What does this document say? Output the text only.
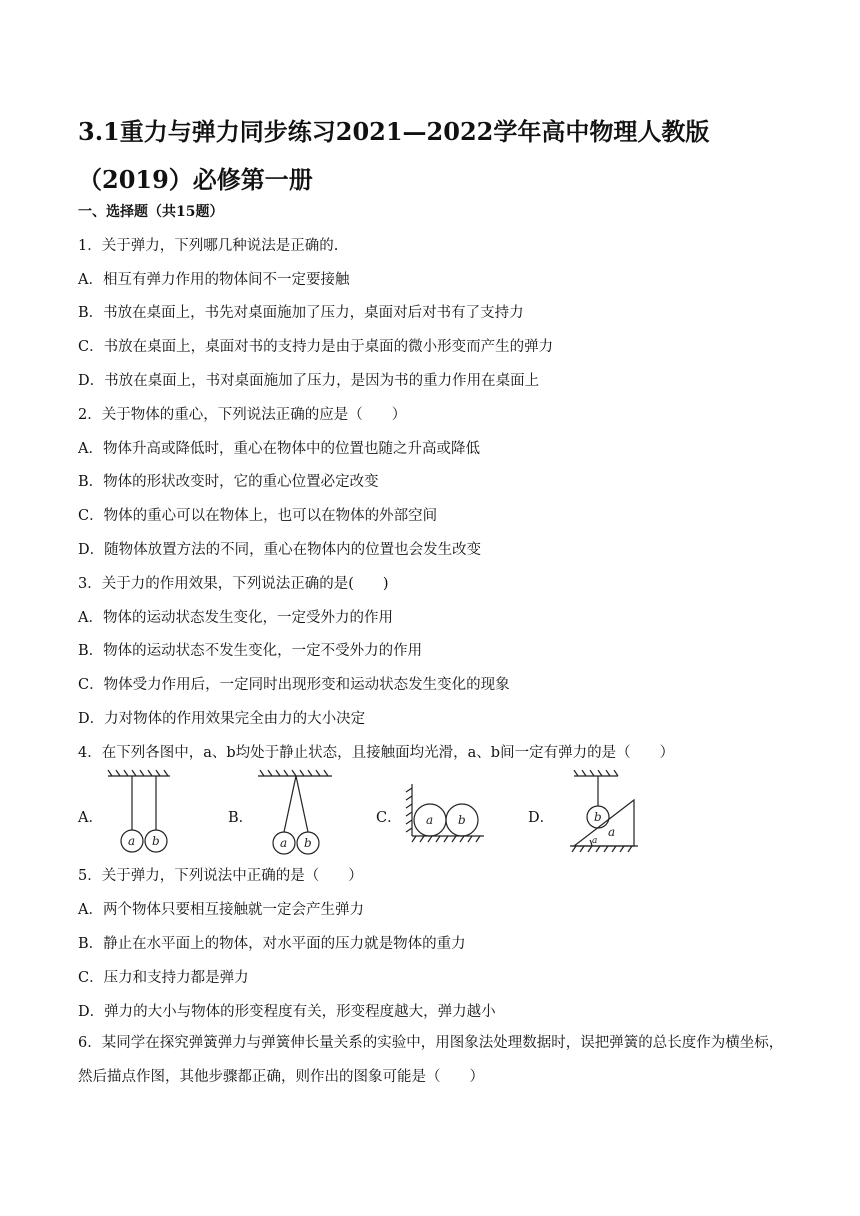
3.1重力与弹力同步练习2021—2022学年高中物理人教版（2019）必修第一册
一、选择题（共15题）
1．关于弹力，下列哪几种说法是正确的.
A．相互有弹力作用的物体间不一定要接触
B．书放在桌面上，书先对桌面施加了压力，桌面对后对书有了支持力
C．书放在桌面上，桌面对书的支持力是由于桌面的微小形变而产生的弹力
D．书放在桌面上，书对桌面施加了压力，是因为书的重力作用在桌面上
2．关于物体的重心，下列说法正确的应是（　　）
A．物体升高或降低时，重心在物体中的位置也随之升高或降低
B．物体的形状改变时，它的重心位置必定改变
C．物体的重心可以在物体上，也可以在物体的外部空间
D．随物体放置方法的不同，重心在物体内的位置也会发生改变
3．关于力的作用效果，下列说法正确的是(　　)
A．物体的运动状态发生变化，一定受外力的作用
B．物体的运动状态不发生变化，一定不受外力的作用
C．物体受力作用后，一定同时出现形变和运动状态发生变化的现象
D．力对物体的作用效果完全由力的大小决定
4．在下列各图中，a、b均处于静止状态，且接触面均光滑，a、b间一定有弹力的是（　　）
A．
a b
B．
a b
C． a b	D．	b
a
a
5．关于弹力，下列说法中正确的是（　　）
A．两个物体只要相互接触就一定会产生弹力
B．静止在水平面上的物体，对水平面的压力就是物体的重力
C．压力和支持力都是弹力
D．弹力的大小与物体的形变程度有关，形变程度越大，弹力越小
6．某同学在探究弹簧弹力与弹簧伸长量关系的实验中，用图象法处理数据时，误把弹簧的总长度作为横坐标，然后描点作图，其他步骤都正确，则作出的图象可能是（　　）
